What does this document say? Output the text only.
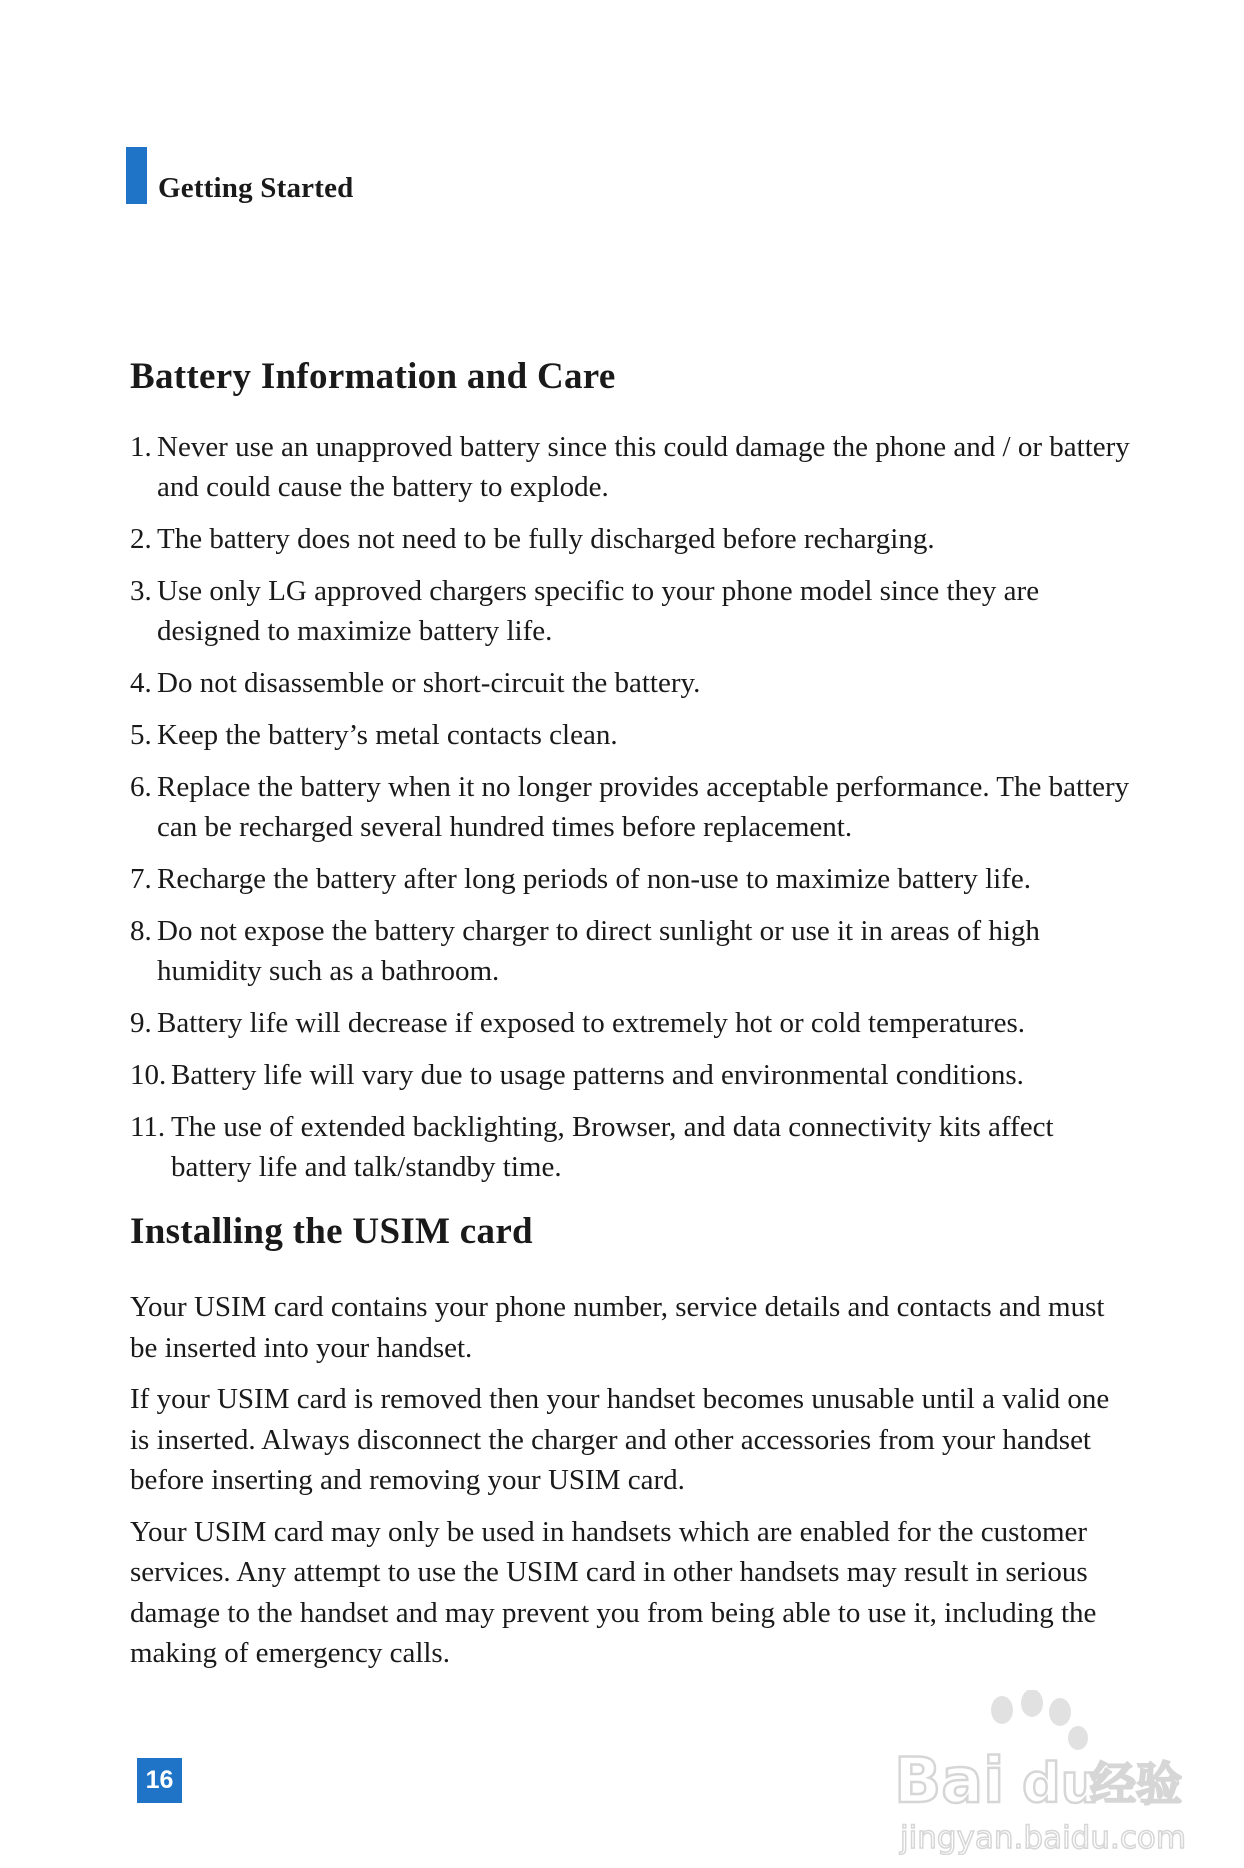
Getting Started
Battery Information and Care
1. Never use an unapproved battery since this could damage the phone and / or battery and could cause the battery to explode.
2. The battery does not need to be fully discharged before recharging.
3. Use only LG approved chargers specific to your phone model since they are designed to maximize battery life.
4. Do not disassemble or short-circuit the battery.
5. Keep the battery’s metal contacts clean.
6. Replace the battery when it no longer provides acceptable performance. The battery can be recharged several hundred times before replacement.
7. Recharge the battery after long periods of non-use to maximize battery life.
8. Do not expose the battery charger to direct sunlight or use it in areas of high humidity such as a bathroom.
9. Battery life will decrease if exposed to extremely hot or cold temperatures.
10. Battery life will vary due to usage patterns and environmental conditions.
11. The use of extended backlighting, Browser, and data connectivity kits affect battery life and talk/standby time.
Installing the USIM card

Your USIM card contains your phone number, service details and contacts and must be inserted into your handset.

If your USIM card is removed then your handset becomes unusable until a valid one is inserted. Always disconnect the charger and other accessories from your handset before inserting and removing your USIM card.

Your USIM card may only be used in handsets which are enabled for the customer services. Any attempt to use the USIM card in other handsets may result in serious damage to the handset and may prevent you from being able to use it, including the making of emergency calls.

16	Bai du
经验
jingyan.baidu.com
